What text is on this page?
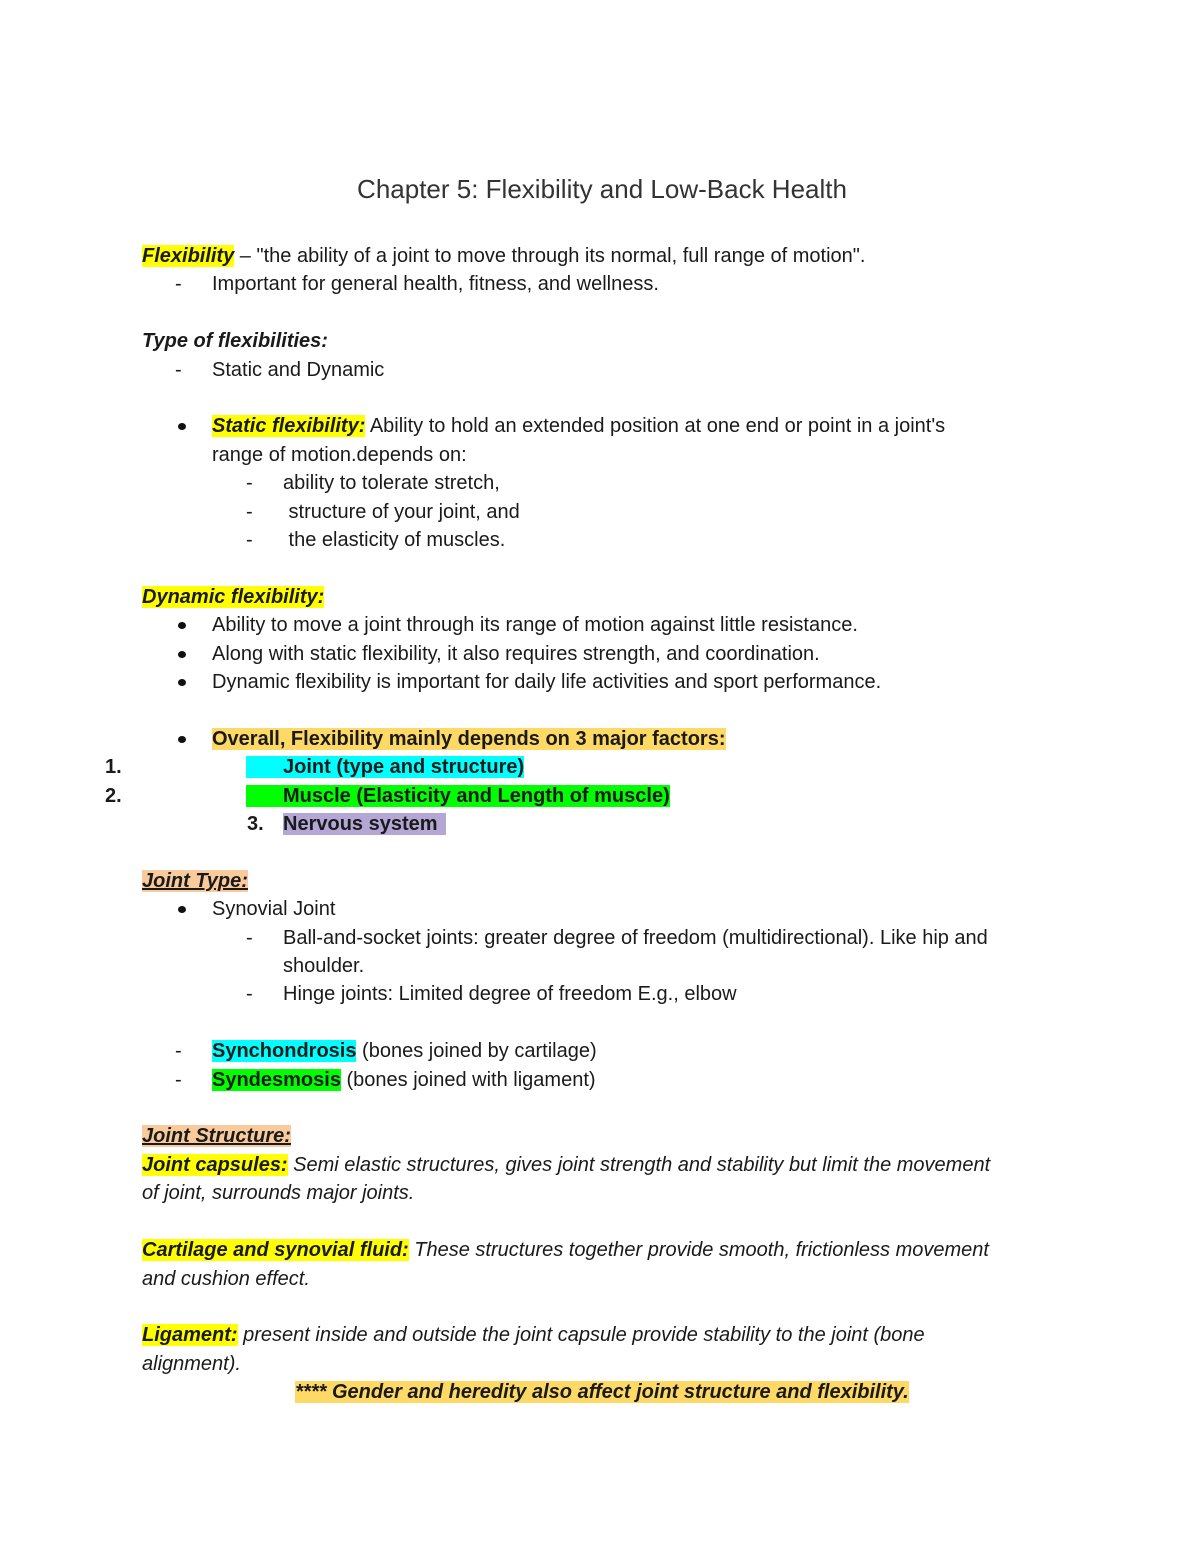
Chapter 5: Flexibility and Low-Back Health
Flexibility – "the ability of a joint to move through its normal, full range of motion".
- Important for general health, fitness, and wellness.
Type of flexibilities:
- Static and Dynamic
Static flexibility: Ability to hold an extended position at one end or point in a joint's
range of motion.depends on:
- ability to tolerate stretch,
- structure of your joint, and
- the elasticity of muscles.
Dynamic flexibility:
Ability to move a joint through its range of motion against little resistance.
Along with static flexibility, it also requires strength, and coordination.
Dynamic flexibility is important for daily life activities and sport performance.
Overall, Flexibility mainly depends on 3 major factors:
1.	Joint (type and structure)
2.	Muscle (Elasticity and Length of muscle)
3. Nervous system
Joint Type:
Synovial Joint
- Ball-and-socket joints: greater degree of freedom (multidirectional). Like hip and
shoulder.
- Hinge joints: Limited degree of freedom E.g., elbow
- Synchondrosis (bones joined by cartilage)
- Syndesmosis (bones joined with ligament)
Joint Structure:
Joint capsules: Semi elastic structures, gives joint strength and stability but limit the movement
of joint, surrounds major joints.
Cartilage and synovial fluid: These structures together provide smooth, frictionless movement
and cushion effect.
Ligament: present inside and outside the joint capsule provide stability to the joint (bone
alignment).
**** Gender and heredity also affect joint structure and flexibility.
